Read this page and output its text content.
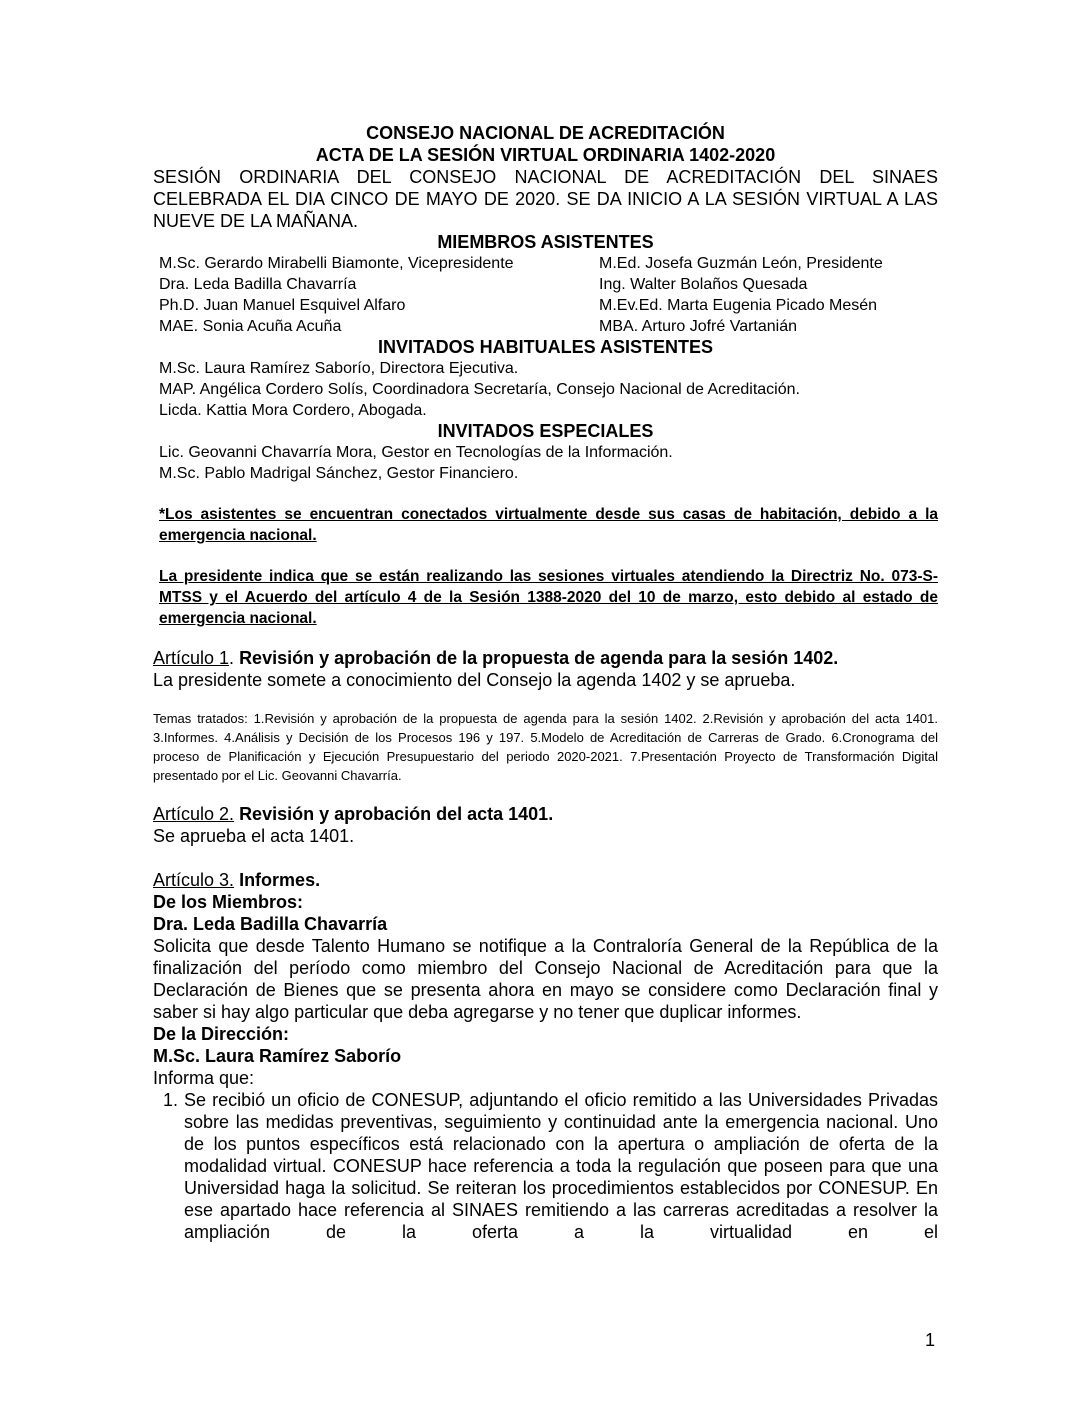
CONSEJO NACIONAL DE ACREDITACIÓN
ACTA DE LA SESIÓN VIRTUAL ORDINARIA 1402-2020
SESIÓN ORDINARIA DEL CONSEJO NACIONAL DE ACREDITACIÓN DEL SINAES CELEBRADA EL DIA CINCO DE MAYO DE 2020. SE DA INICIO A LA SESIÓN VIRTUAL A LAS NUEVE DE LA MAÑANA.
MIEMBROS ASISTENTES
M.Sc. Gerardo Mirabelli Biamonte, Vicepresidente	M.Ed. Josefa Guzmán León, Presidente
Dra. Leda Badilla Chavarría	Ing. Walter Bolaños Quesada
Ph.D. Juan Manuel Esquivel Alfaro	M.Ev.Ed. Marta Eugenia Picado Mesén
MAE. Sonia Acuña Acuña	MBA. Arturo Jofré Vartanián
INVITADOS HABITUALES ASISTENTES
M.Sc. Laura Ramírez Saborío, Directora Ejecutiva.
MAP. Angélica Cordero Solís, Coordinadora Secretaría, Consejo Nacional de Acreditación.
Licda. Kattia Mora Cordero, Abogada.
INVITADOS ESPECIALES
Lic. Geovanni Chavarría Mora, Gestor en Tecnologías de la Información.
M.Sc. Pablo Madrigal Sánchez, Gestor Financiero.
*Los asistentes se encuentran conectados virtualmente desde sus casas de habitación, debido a la emergencia nacional.
La presidente indica que se están realizando las sesiones virtuales atendiendo la Directriz No. 073-S-MTSS y el Acuerdo del artículo 4 de la Sesión 1388-2020 del 10 de marzo, esto debido al estado de emergencia nacional.
Artículo 1. Revisión y aprobación de la propuesta de agenda para la sesión 1402.
La presidente somete a conocimiento del Consejo la agenda 1402 y se aprueba.
Temas tratados: 1.Revisión y aprobación de la propuesta de agenda para la sesión 1402. 2.Revisión y aprobación del acta 1401. 3.Informes. 4.Análisis y Decisión de los Procesos 196 y 197. 5.Modelo de Acreditación de Carreras de Grado. 6.Cronograma del proceso de Planificación y Ejecución Presupuestario del periodo 2020-2021. 7.Presentación Proyecto de Transformación Digital presentado por el Lic. Geovanni Chavarría.
Artículo 2. Revisión y aprobación del acta 1401.
Se aprueba el acta 1401.
Artículo 3. Informes.
De los Miembros:
Dra. Leda Badilla Chavarría
Solicita que desde Talento Humano se notifique a la Contraloría General de la República de la finalización del período como miembro del Consejo Nacional de Acreditación para que la Declaración de Bienes que se presenta ahora en mayo se considere como Declaración final y saber si hay algo particular que deba agregarse y no tener que duplicar informes.
De la Dirección:
M.Sc. Laura Ramírez Saborío
Informa que:
1. Se recibió un oficio de CONESUP, adjuntando el oficio remitido a las Universidades Privadas sobre las medidas preventivas, seguimiento y continuidad ante la emergencia nacional. Uno de los puntos específicos está relacionado con la apertura o ampliación de oferta de la modalidad virtual. CONESUP hace referencia a toda la regulación que poseen para que una Universidad haga la solicitud. Se reiteran los procedimientos establecidos por CONESUP. En ese apartado hace referencia al SINAES remitiendo a las carreras acreditadas a resolver la ampliación de la oferta a la virtualidad en el
1
